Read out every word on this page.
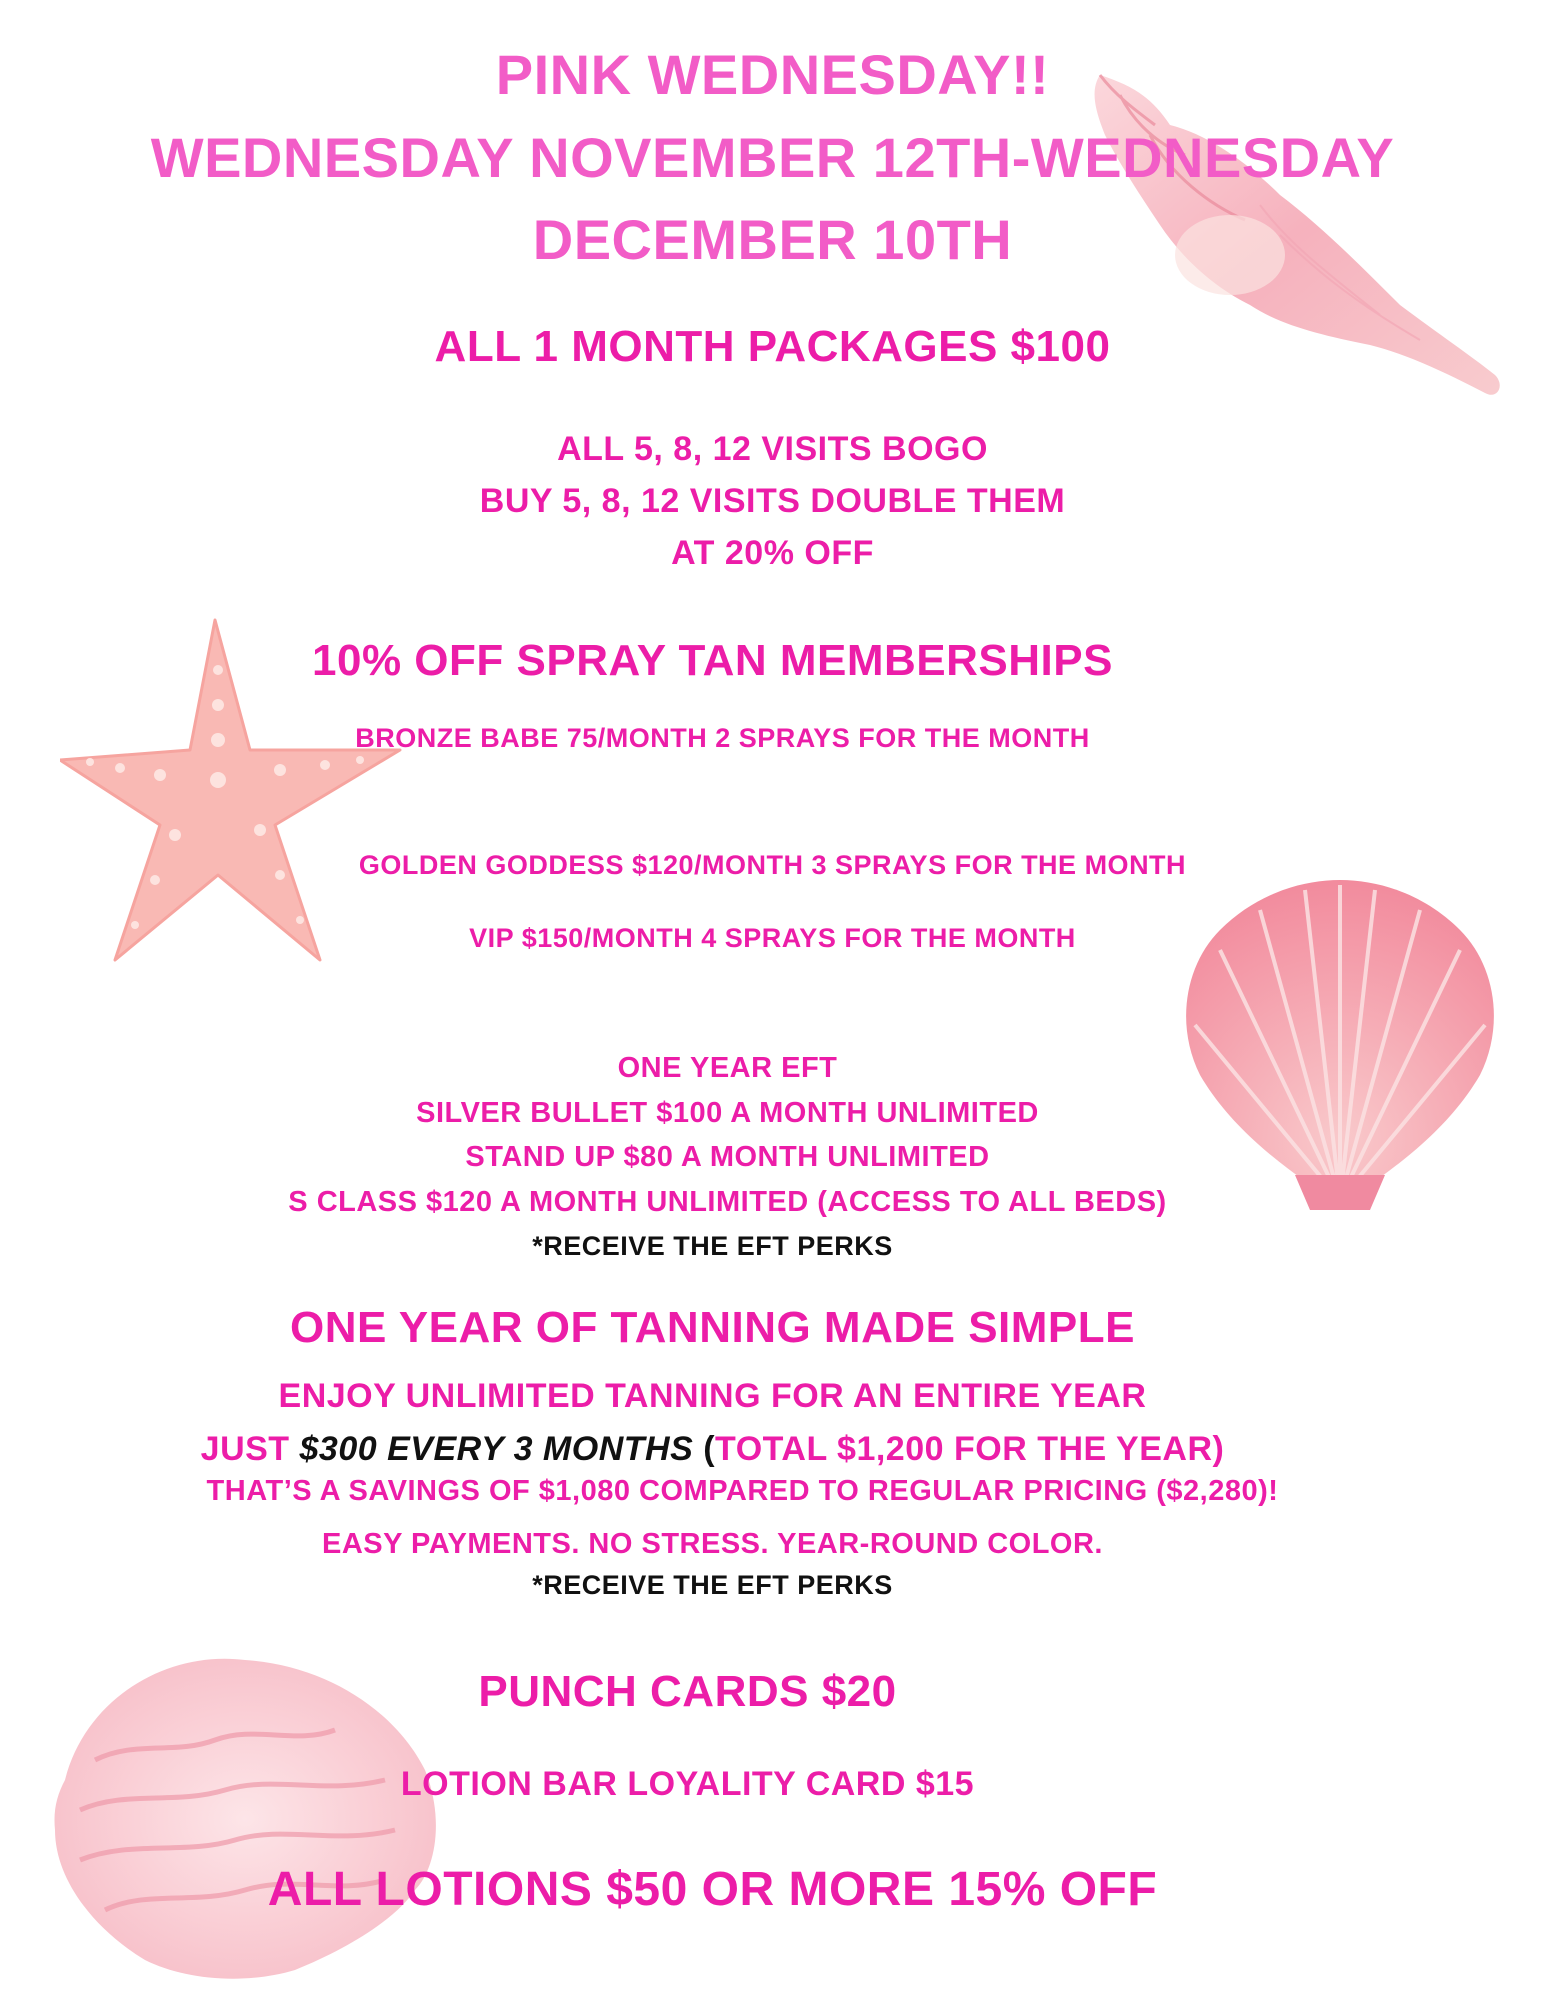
PINK WEDNESDAY!!
WEDNESDAY NOVEMBER 12TH-WEDNESDAY
DECEMBER 10TH
ALL 1 MONTH PACKAGES $100
ALL 5, 8, 12 VISITS BOGO
BUY 5, 8, 12 VISITS DOUBLE THEM
AT 20% OFF
10% OFF SPRAY TAN MEMBERSHIPS
BRONZE BABE 75/MONTH 2 SPRAYS FOR THE MONTH
GOLDEN GODDESS $120/MONTH 3 SPRAYS FOR THE MONTH
VIP $150/MONTH 4 SPRAYS FOR THE MONTH
ONE YEAR EFT
SILVER BULLET $100 A MONTH UNLIMITED
STAND UP $80 A MONTH UNLIMITED
S CLASS $120 A MONTH UNLIMITED (ACCESS TO ALL BEDS)
*RECEIVE THE EFT PERKS
ONE YEAR OF TANNING MADE SIMPLE
ENJOY UNLIMITED TANNING FOR AN ENTIRE YEAR
JUST $300 EVERY 3 MONTHS (TOTAL $1,200 FOR THE YEAR)
THAT’S A SAVINGS OF $1,080 COMPARED TO REGULAR PRICING ($2,280)!
EASY PAYMENTS. NO STRESS. YEAR-ROUND COLOR.
*RECEIVE THE EFT PERKS
PUNCH CARDS $20
LOTION BAR LOYALITY CARD $15
ALL LOTIONS $50 OR MORE 15% OFF
